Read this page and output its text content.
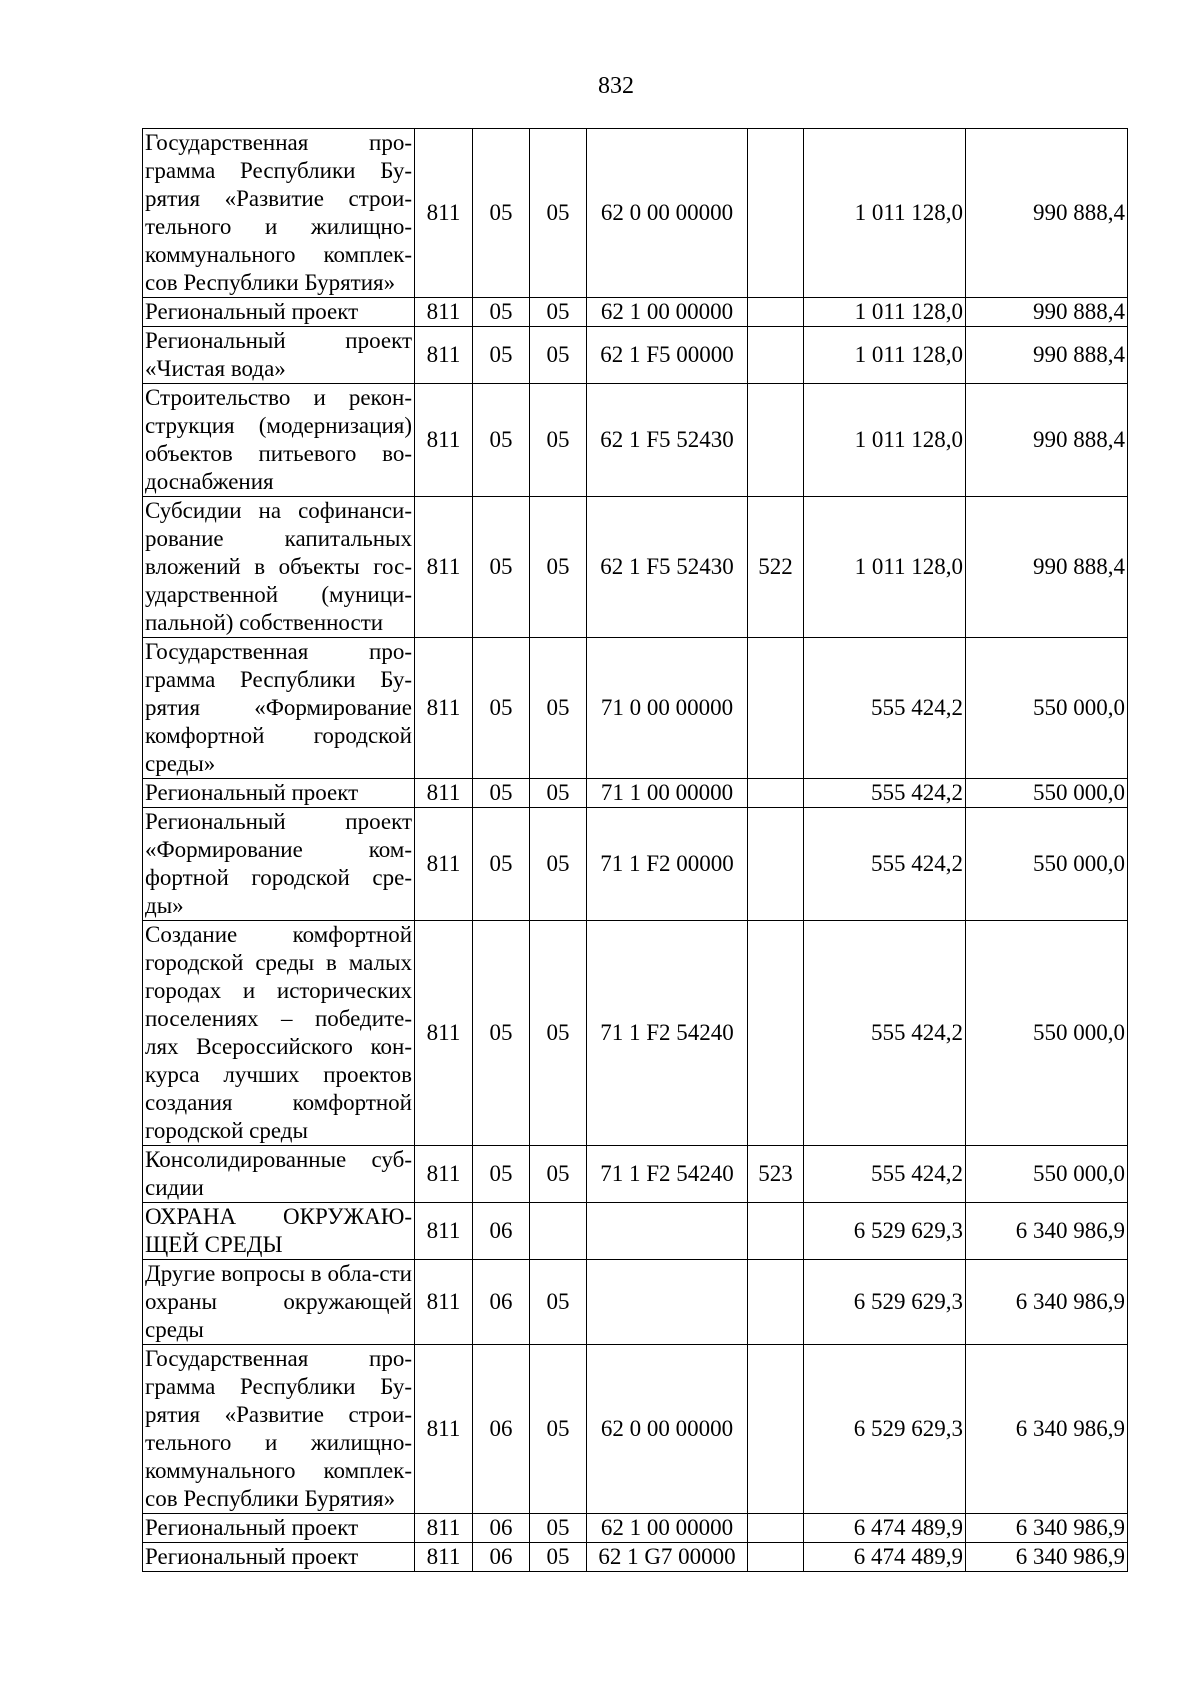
832
Государственная про-грамма Республики Бу-рятия «Развитие строи-тельного и жилищно-коммунального комплек-сов Республики Бурятия»	811	05	05	62 0 00 00000		1 011 128,0	990 888,4
Региональный проект	811	05	05	62 1 00 00000		1 011 128,0	990 888,4
Региональный проект «Чистая вода»	811	05	05	62 1 F5 00000		1 011 128,0	990 888,4
Строительство и рекон-струкция (модернизация) объектов питьевого во-доснабжения	811	05	05	62 1 F5 52430		1 011 128,0	990 888,4
Субсидии на софинанси-рование капитальных вложений в объекты гос-ударственной (муници-пальной) собственности	811	05	05	62 1 F5 52430	522	1 011 128,0	990 888,4
Государственная про-грамма Республики Бу-рятия «Формирование комфортной городской среды»	811	05	05	71 0 00 00000		555 424,2	550 000,0
Региональный проект	811	05	05	71 1 00 00000		555 424,2	550 000,0
Региональный проект «Формирование ком-фортной городской сре-ды»	811	05	05	71 1 F2 00000		555 424,2	550 000,0
Создание комфортной городской среды в малых городах и исторических поселениях – победите-лях Всероссийского кон-курса лучших проектов создания комфортной городской среды	811	05	05	71 1 F2 54240		555 424,2	550 000,0
Консолидированные суб-сидии	811	05	05	71 1 F2 54240	523	555 424,2	550 000,0
ОХРАНА ОКРУЖАЮ-ЩЕЙ СРЕДЫ	811	06				6 529 629,3	6 340 986,9
Другие вопросы в обла-сти охраны окружающей среды	811	06	05			6 529 629,3	6 340 986,9
Государственная про-грамма Республики Бу-рятия «Развитие строи-тельного и жилищно-коммунального комплек-сов Республики Бурятия»	811	06	05	62 0 00 00000		6 529 629,3	6 340 986,9
Региональный проект	811	06	05	62 1 00 00000		6 474 489,9	6 340 986,9
Региональный проект	811	06	05	62 1 G7 00000		6 474 489,9	6 340 986,9
